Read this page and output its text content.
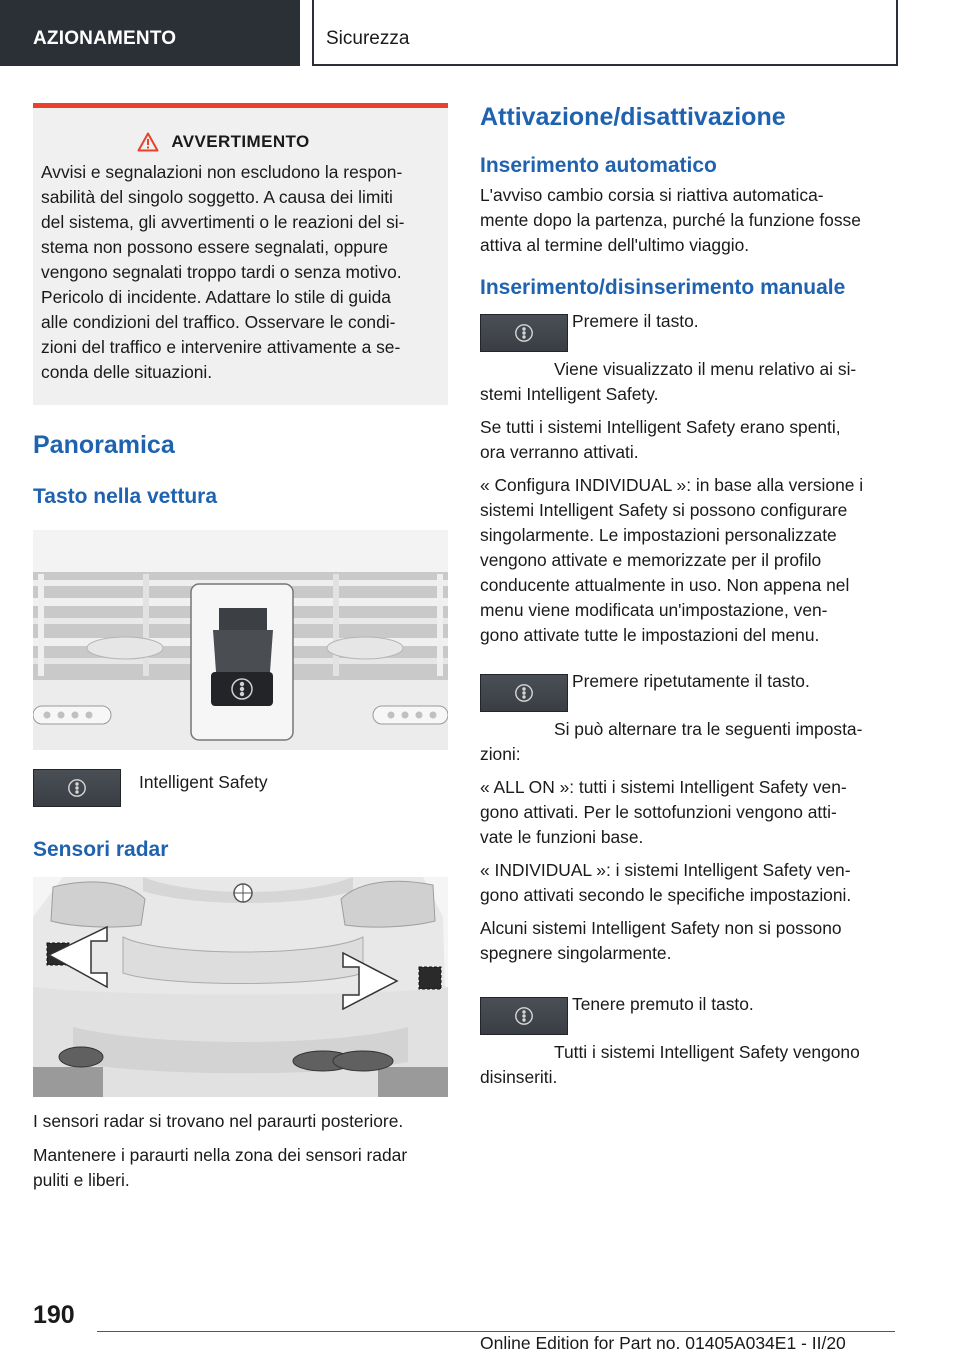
AZIONAMENTO	Sicurezza
AVVERTIMENTO
Avvisi e segnalazioni non escludono la respon-
sabilità del singolo soggetto. A causa dei limiti
del sistema, gli avvertimenti o le reazioni del si-
stema non possono essere segnalati, oppure
vengono segnalati troppo tardi o senza motivo.
Pericolo di incidente. Adattare lo stile di guida
alle condizioni del traffico. Osservare le condi-
zioni del traffico e intervenire attivamente a se-
conda delle situazioni.
Panoramica
Tasto nella vettura
Intelligent Safety
Sensori radar

I sensori radar si trovano nel paraurti posteriore.

Mantenere i paraurti nella zona dei sensori radar
puliti e liberi.

Attivazione/disattivazione
Inserimento automatico

L'avviso cambio corsia si riattiva automatica-
mente dopo la partenza, purché la funzione fosse
attiva al termine dell'ultimo viaggio.

Inserimento/disinserimento manuale
Premere il tasto.
Viene visualizzato il menu relativo ai si-
stemi Intelligent Safety.

Se tutti i sistemi Intelligent Safety erano spenti,
ora verranno attivati.

« Configura INDIVIDUAL »: in base alla versione i
sistemi Intelligent Safety si possono configurare
singolarmente. Le impostazioni personalizzate
vengono attivate e memorizzate per il profilo
conducente attualmente in uso. Non appena nel
menu viene modificata un'impostazione, ven-
gono attivate tutte le impostazioni del menu.

Premere ripetutamente il tasto.
Si può alternare tra le seguenti imposta-
zioni:

« ALL ON »: tutti i sistemi Intelligent Safety ven-
gono attivati. Per le sottofunzioni vengono atti-
vate le funzioni base.

« INDIVIDUAL »: i sistemi Intelligent Safety ven-
gono attivati secondo le specifiche impostazioni.

Alcuni sistemi Intelligent Safety non si possono
spegnere singolarmente.

Tenere premuto il tasto.
Tutti i sistemi Intelligent Safety vengono
disinseriti.
190
Online Edition for Part no. 01405A034E1 - II/20
